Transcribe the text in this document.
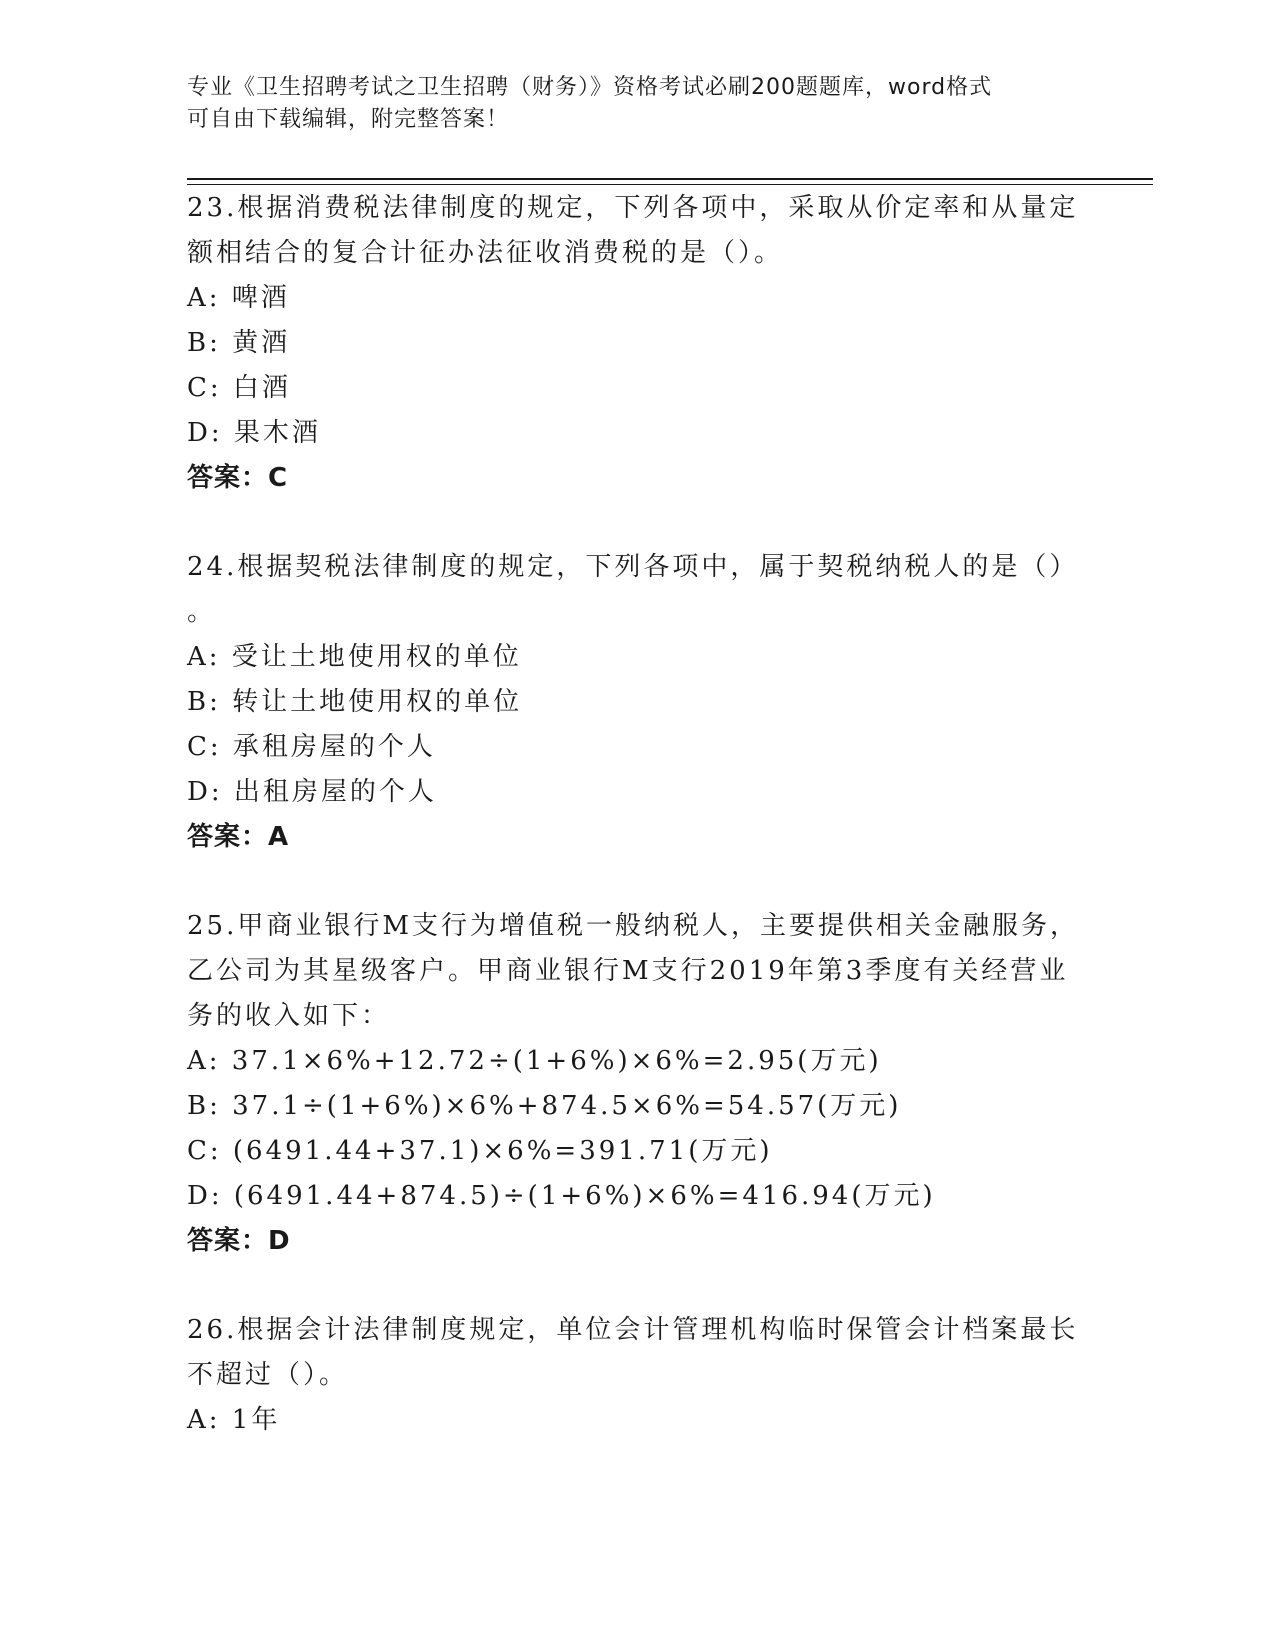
专业《卫生招聘考试之卫生招聘（财务）》资格考试必刷200题题库，word格式
可自由下载编辑，附完整答案！
23.根据消费税法律制度的规定，下列各项中，采取从价定率和从量定
额相结合的复合计征办法征收消费税的是（）。
A: 啤酒
B: 黄酒
C: 白酒
D: 果木酒
答案：C
24.根据契税法律制度的规定，下列各项中，属于契税纳税人的是（）
。
A: 受让土地使用权的单位
B: 转让土地使用权的单位
C: 承租房屋的个人
D: 出租房屋的个人
答案：A
25.甲商业银行M支行为增值税一般纳税人，主要提供相关金融服务，
乙公司为其星级客户。甲商业银行M支行2019年第3季度有关经营业
务的收入如下：
A: 37.1×6%+12.72÷(1+6%)×6%=2.95(万元)
B: 37.1÷(1+6%)×6%+874.5×6%=54.57(万元)
C: (6491.44+37.1)×6%=391.71(万元)
D: (6491.44+874.5)÷(1+6%)×6%=416.94(万元)
答案：D
26.根据会计法律制度规定，单位会计管理机构临时保管会计档案最长
不超过（）。
A: 1年
